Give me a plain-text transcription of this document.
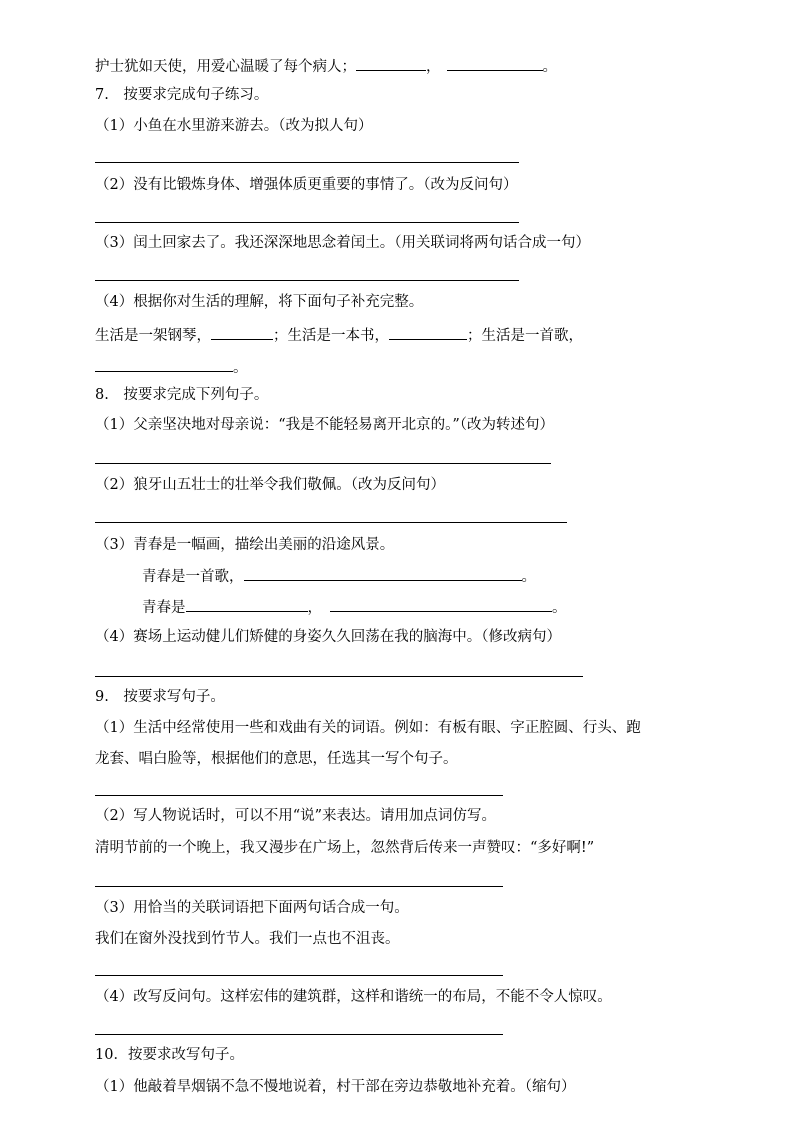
护士犹如天使，用爱心温暖了每个病人；	，	。
7.　按要求完成句子练习。
（1）小鱼在水里游来游去。（改为拟人句）
（2）没有比锻炼身体、增强体质更重要的事情了。（改为反问句）
（3）闰土回家去了。我还深深地思念着闰土。（用关联词将两句话合成一句）
（4）根据你对生活的理解，将下面句子补充完整。
生活是一架钢琴，	；生活是一本书，	；生活是一首歌，
。
8.　按要求完成下列句子。
（1）父亲坚决地对母亲说：“我是不能轻易离开北京的。”（改为转述句）
（2）狼牙山五壮士的壮举令我们敬佩。（改为反问句）
（3）青春是一幅画，描绘出美丽的沿途风景。
青春是一首歌，	。
青春是	，	。
（4）赛场上运动健儿们矫健的身姿久久回荡在我的脑海中。（修改病句）
9.　按要求写句子。
（1）生活中经常使用一些和戏曲有关的词语。例如：有板有眼、字正腔圆、行头、跑
龙套、唱白脸等，根据他们的意思，任选其一写个句子。
（2）写人物说话时，可以不用“说”来表达。请用加点词仿写。
清明节前的一个晚上，我又漫步在广场上，忽然背后传来一声赞叹：“多好啊!”
（3）用恰当的关联词语把下面两句话合成一句。
我们在窗外没找到竹节人。我们一点也不沮丧。
（4）改写反问句。这样宏伟的建筑群，这样和谐统一的布局，不能不令人惊叹。
10．按要求改写句子。
（1）他敲着旱烟锅不急不慢地说着，村干部在旁边恭敬地补充着。（缩句）
